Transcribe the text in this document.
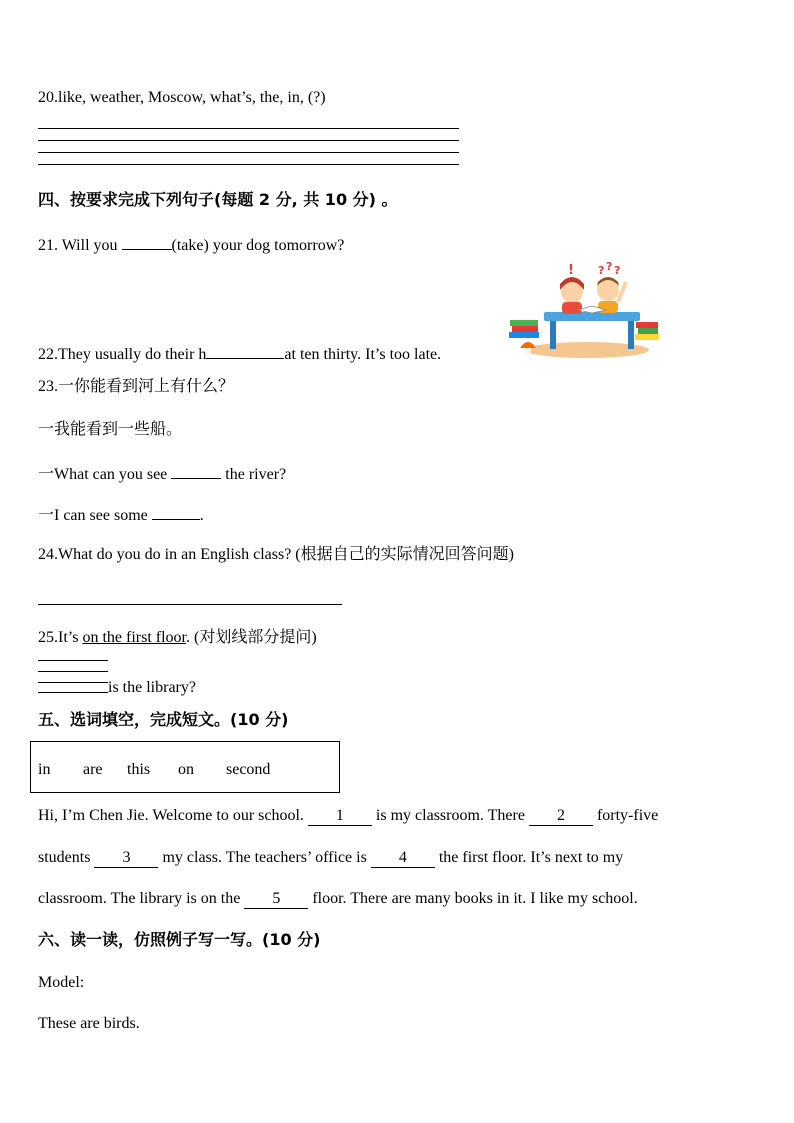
20.like, weather, Moscow, what’s, the, in, (?)
四、按要求完成下列句子(每题 2 分, 共 10 分) 。
21. Will you	(take) your dog tomorrow?
! ? ? ?
22.They usually do their h	at ten thirty. It’s too late.
23.一你能看到河上有什么？
一我能看到一些船。
一What can you see	the river?
一I can see some	.
24.What do you do in an English class? (根据自己的实际情况回答问题)
25.It’s on the first floor. (对划线部分提问)
is the library?
五、选词填空，完成短文。(10 分)
in are this on second
Hi, I’m Chen Jie. Welcome to our school. 1 is my classroom. There 2 forty-five
students 3 my class. The teachers’ office is 4 the first floor. It’s next to my
classroom. The library is on the 5 floor. There are many books in it. I like my school.
六、读一读，仿照例子写一写。(10 分)
Model:
These are birds.
